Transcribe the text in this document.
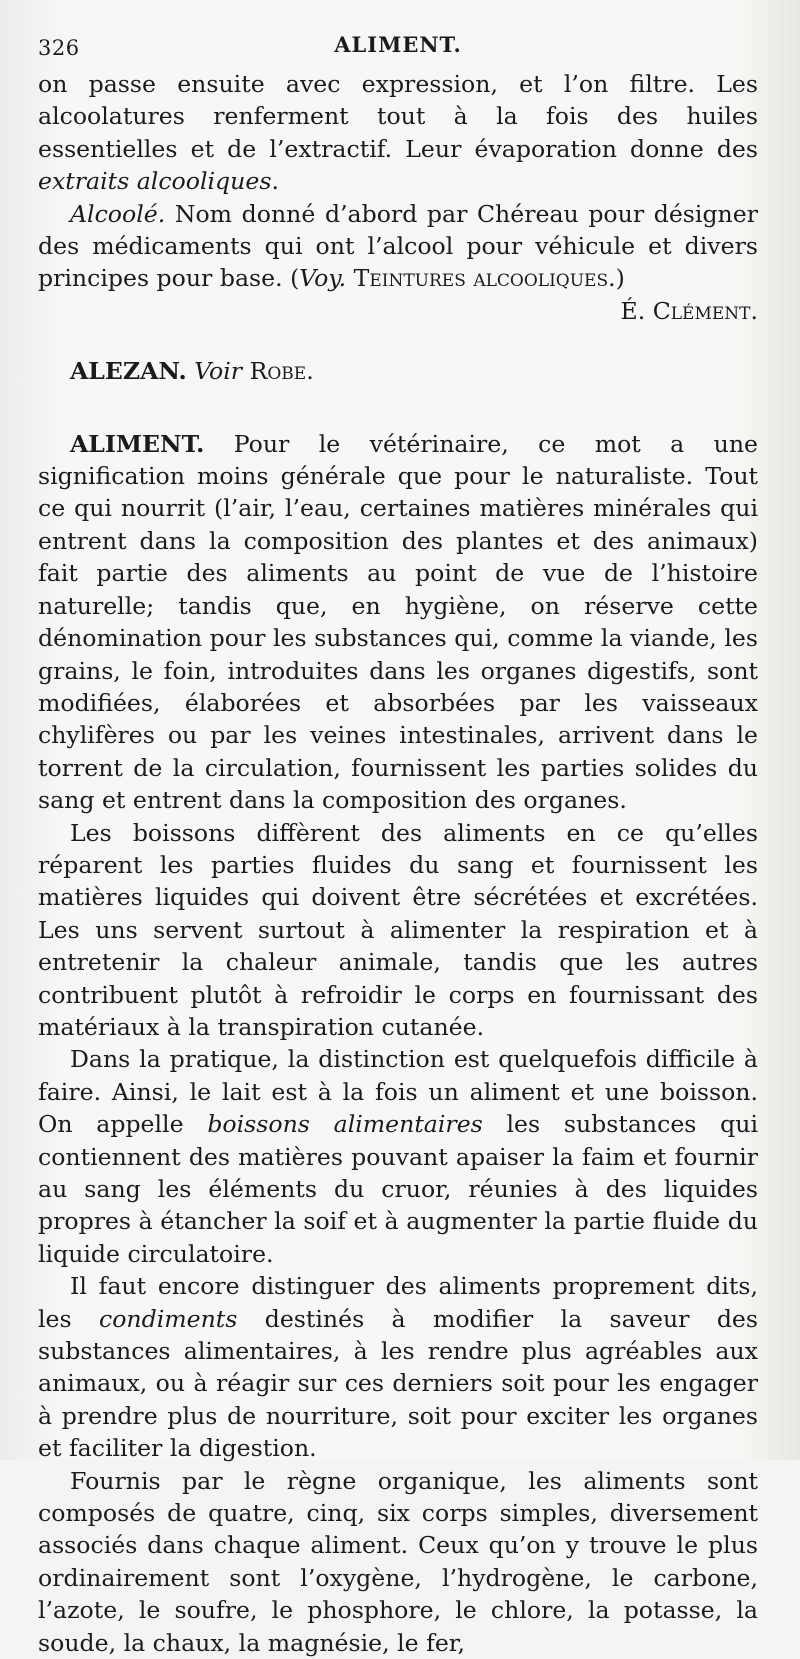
326	ALIMENT.

on passe ensuite avec expression, et l’on filtre. Les alcoolatures renferment tout à la fois des huiles essentielles et de l’extractif. Leur évaporation donne des extraits alcooliques.

Alcoolé. Nom donné d’abord par Chéreau pour désigner des médicaments qui ont l’alcool pour véhicule et divers principes pour base. (Voy. Teintures alcooliques.)

É. Clément.

ALEZAN. Voir Robe.

ALIMENT. Pour le vétérinaire, ce mot a une signification moins générale que pour le naturaliste. Tout ce qui nourrit (l’air, l’eau, certaines matières minérales qui entrent dans la composition des plantes et des animaux) fait partie des aliments au point de vue de l’histoire naturelle; tandis que, en hygiène, on réserve cette dénomination pour les substances qui, comme la viande, les grains, le foin, introduites dans les organes digestifs, sont modifiées, élaborées et absorbées par les vaisseaux chylifères ou par les veines intestinales, arrivent dans le torrent de la circulation, fournissent les parties solides du sang et entrent dans la composition des organes.

Les boissons diffèrent des aliments en ce qu’elles réparent les parties fluides du sang et fournissent les matières liquides qui doivent être sécrétées et excrétées. Les uns servent surtout à alimenter la respiration et à entretenir la chaleur animale, tandis que les autres contribuent plutôt à refroidir le corps en fournissant des matériaux à la transpiration cutanée.

Dans la pratique, la distinction est quelquefois difficile à faire. Ainsi, le lait est à la fois un aliment et une boisson. On appelle boissons alimentaires les substances qui contiennent des matières pouvant apaiser la faim et fournir au sang les éléments du cruor, réunies à des liquides propres à étancher la soif et à augmenter la partie fluide du liquide circulatoire.

Il faut encore distinguer des aliments proprement dits, les condiments destinés à modifier la saveur des substances alimentaires, à les rendre plus agréables aux animaux, ou à réagir sur ces derniers soit pour les engager à prendre plus de nourriture, soit pour exciter les organes et faciliter la digestion.

Fournis par le règne organique, les aliments sont composés de quatre, cinq, six corps simples, diversement associés dans chaque aliment. Ceux qu’on y trouve le plus ordinairement sont l’oxygène, l’hydrogène, le carbone, l’azote, le soufre, le phosphore, le chlore, la potasse, la soude, la chaux, la magnésie, le fer,
